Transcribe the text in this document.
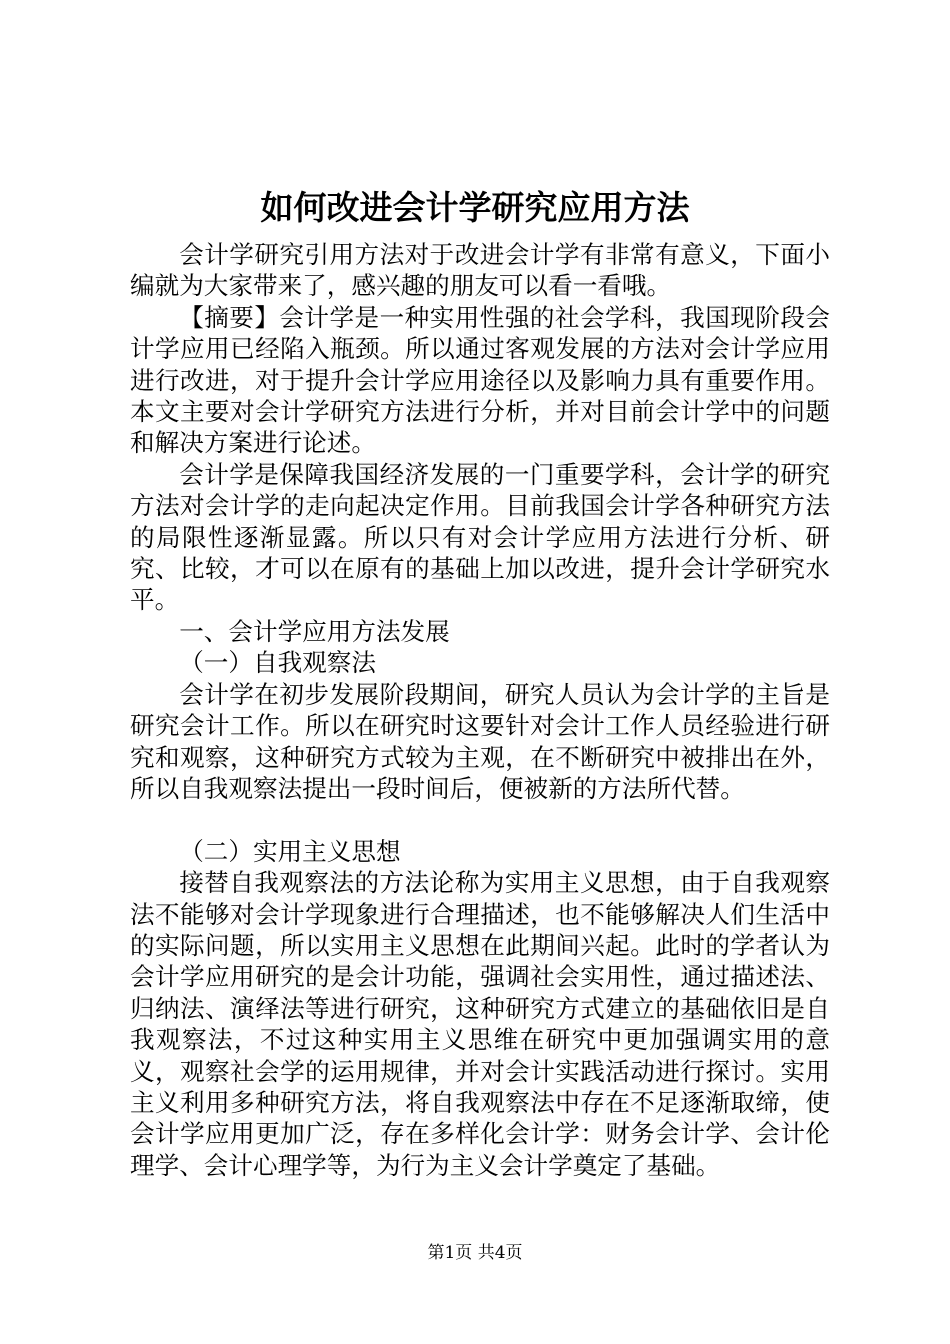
如何改进会计学研究应用方法

会计学研究引用方法对于改进会计学有非常有意义，下面小编就为大家带来了，感兴趣的朋友可以看一看哦。

【摘要】会计学是一种实用性强的社会学科，我国现阶段会计学应用已经陷入瓶颈。所以通过客观发展的方法对会计学应用进行改进，对于提升会计学应用途径以及影响力具有重要作用。本文主要对会计学研究方法进行分析，并对目前会计学中的问题和解决方案进行论述。

会计学是保障我国经济发展的一门重要学科，会计学的研究方法对会计学的走向起决定作用。目前我国会计学各种研究方法的局限性逐渐显露。所以只有对会计学应用方法进行分析、研究、比较，才可以在原有的基础上加以改进，提升会计学研究水平。

一、会计学应用方法发展

（一）自我观察法

会计学在初步发展阶段期间，研究人员认为会计学的主旨是研究会计工作。所以在研究时这要针对会计工作人员经验进行研究和观察，这种研究方式较为主观，在不断研究中被排出在外，所以自我观察法提出一段时间后，便被新的方法所代替。

（二）实用主义思想

接替自我观察法的方法论称为实用主义思想，由于自我观察法不能够对会计学现象进行合理描述，也不能够解决人们生活中的实际问题，所以实用主义思想在此期间兴起。此时的学者认为会计学应用研究的是会计功能，强调社会实用性，通过描述法、归纳法、演绎法等进行研究，这种研究方式建立的基础依旧是自我观察法，不过这种实用主义思维在研究中更加强调实用的意义，观察社会学的运用规律，并对会计实践活动进行探讨。实用主义利用多种研究方法，将自我观察法中存在不足逐渐取缔，使会计学应用更加广泛，存在多样化会计学：财务会计学、会计伦理学、会计心理学等，为行为主义会计学奠定了基础。

第1页 共4页
